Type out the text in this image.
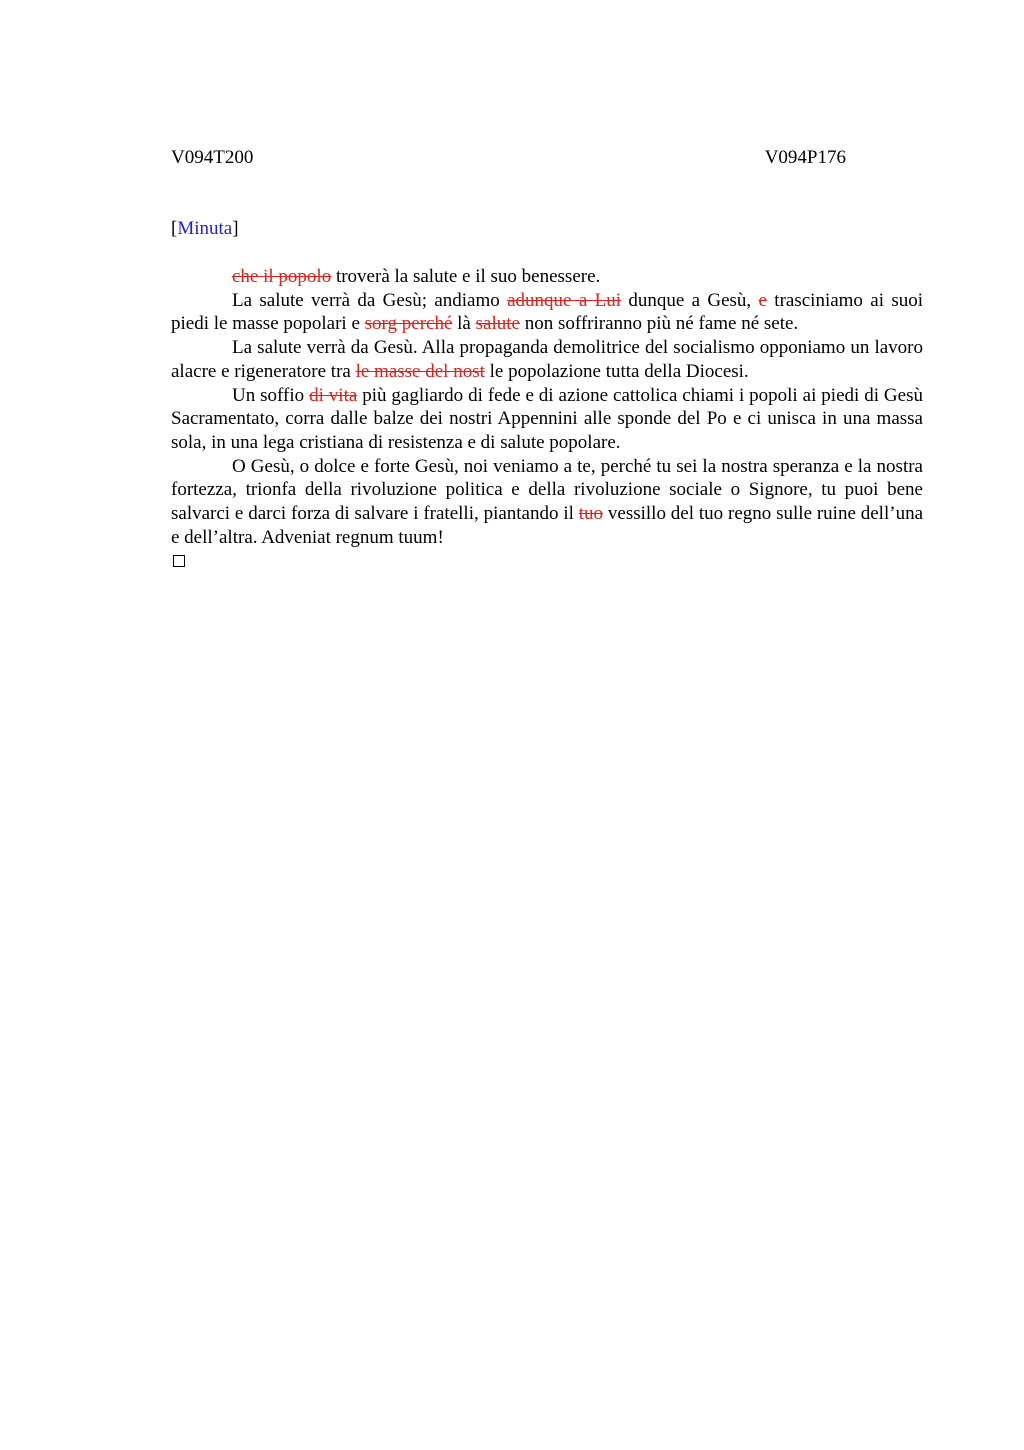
V094T200	V094P176
[Minuta]

che il popolo troverà la salute e il suo benessere.

La salute verrà da Gesù; andiamo adunque a Lui dunque a Gesù, e trasciniamo ai suoi piedi le masse popolari e sorg perché là salute non soffriranno più né fame né sete.

La salute verrà da Gesù. Alla propaganda demolitrice del socialismo opponiamo un lavoro alacre e rigeneratore tra le masse del nost le popolazione tutta della Diocesi.

Un soffio di vita più gagliardo di fede e di azione cattolica chiami i popoli ai piedi di Gesù Sacramentato, corra dalle balze dei nostri Appennini alle sponde del Po e ci unisca in una massa sola, in una lega cristiana di resistenza e di salute popolare.

O Gesù, o dolce e forte Gesù, noi veniamo a te, perché tu sei la nostra speranza e la nostra fortezza, trionfa della rivoluzione politica e della rivoluzione sociale o Signore, tu puoi bene salvarci e darci forza di salvare i fratelli, piantando il tuo vessillo del tuo regno sulle ruine dell’una e dell’altra. Adveniat regnum tuum!
